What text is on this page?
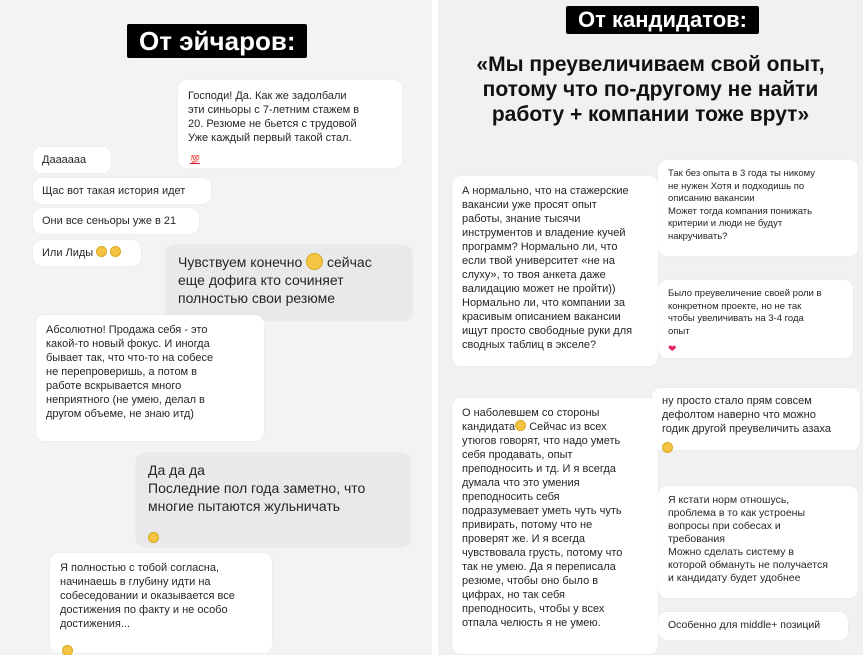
От эйчаров:
Господи! Да. Как же задолбали
эти синьоры с 7-летним стажем в
20. Резюме не бьется с трудовой
Уже каждый первый такой стал.
💯
Дааааaа
Щас вот такая история идет
Они все сеньоры уже в 21
Или Лиды
Чувствуем конечно сейчас
еще дофига кто сочиняет
полностью свои резюме
Абсолютно! Продажа себя - это
какой-то новый фокус. И иногда
бывает так, что что-то на собесе
не перепроверишь, а потом в
работе вскрывается много
неприятного (не умею, делал в
другом объеме, не знаю итд)
Да да да
Последние пол года заметно, что
многие пытаются жульничать
Я полностью с тобой согласна,
начинаешь в глубину идти на
собеседовании и оказывается все
достижения по факту и не особо
достижения...
От кандидатов:
«Мы преувеличиваем свой опыт,
потому что по-другому не найти
работу + компании тоже врут»
Так без опыта в 3 года ты никому
не нужен Хотя и подходишь по
описанию вакансии
Может тогда компания понижать
критерии и люди не будут
накручивать?
А нормально, что на стажерские
вакансии уже просят опыт
работы, знание тысячи
инструментов и владение кучей
программ? Нормально ли, что
если твой университет «не на
слуху», то твоя анкета даже
валидацию может не пройти))
Нормально ли, что компании за
красивым описанием вакансии
ищут просто свободные руки для
сводных таблиц в экселе?
Было преувеличение своей роли в
конкретном проекте, но не так
чтобы увеличивать на 3-4 года
опыт
❤
ну просто стало прям совсем
дефолтом наверно что можно
годик другой преувеличить азаха
О наболевшем со стороны
кандидата Сейчас из всех
утюгов говорят, что надо уметь
себя продавать, опыт
преподносить и тд. И я всегда
думала что это умения
преподносить себя
подразумевает уметь чуть чуть
привирать, потому что не
проверят же. И я всегда
чувствовала грусть, потому что
так не умею. Да я переписала
резюме, чтобы оно было в
цифрах, но так себя
преподносить, чтобы у всех
отпала челюсть я не умею.
Я кстати норм отношусь,
проблема в то как устроены
вопросы при собесах и
требования
Можно сделать систему в
которой обмануть не получается
и кандидату будет удобнее
Особенно для middle+ позиций
